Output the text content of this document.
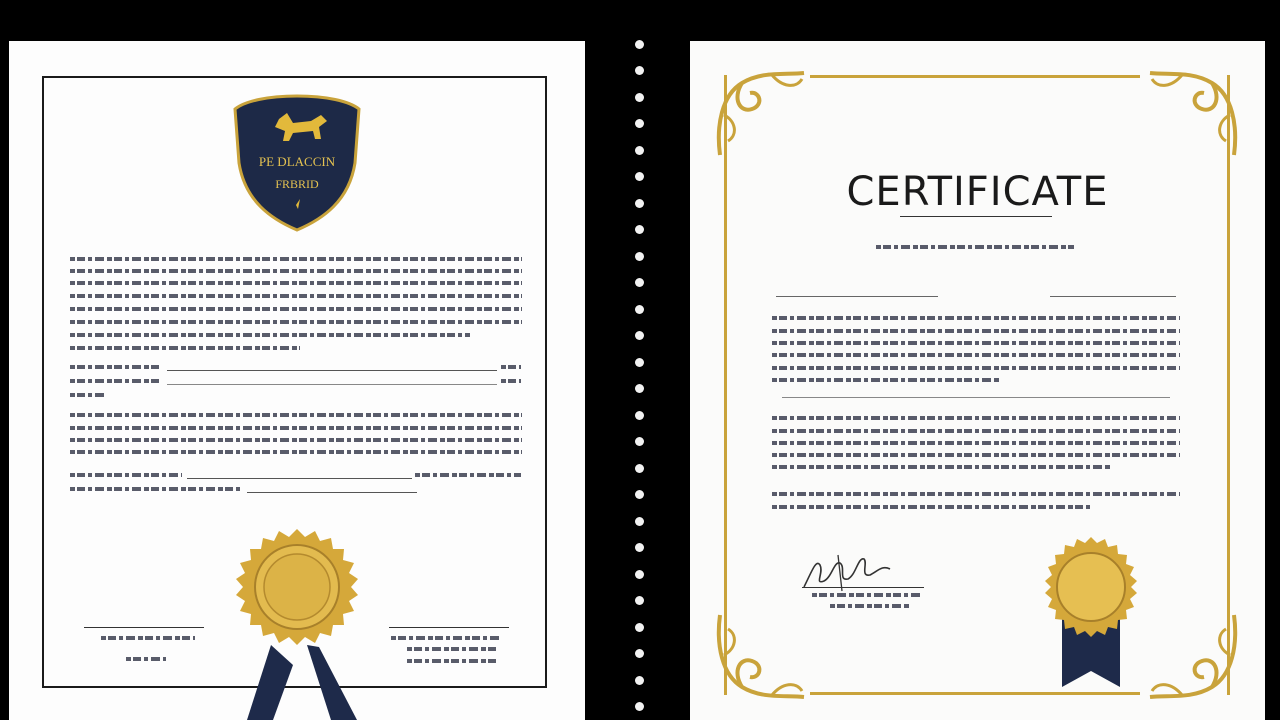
PE DLACCIN
FRBRID	CERTIFICATE
